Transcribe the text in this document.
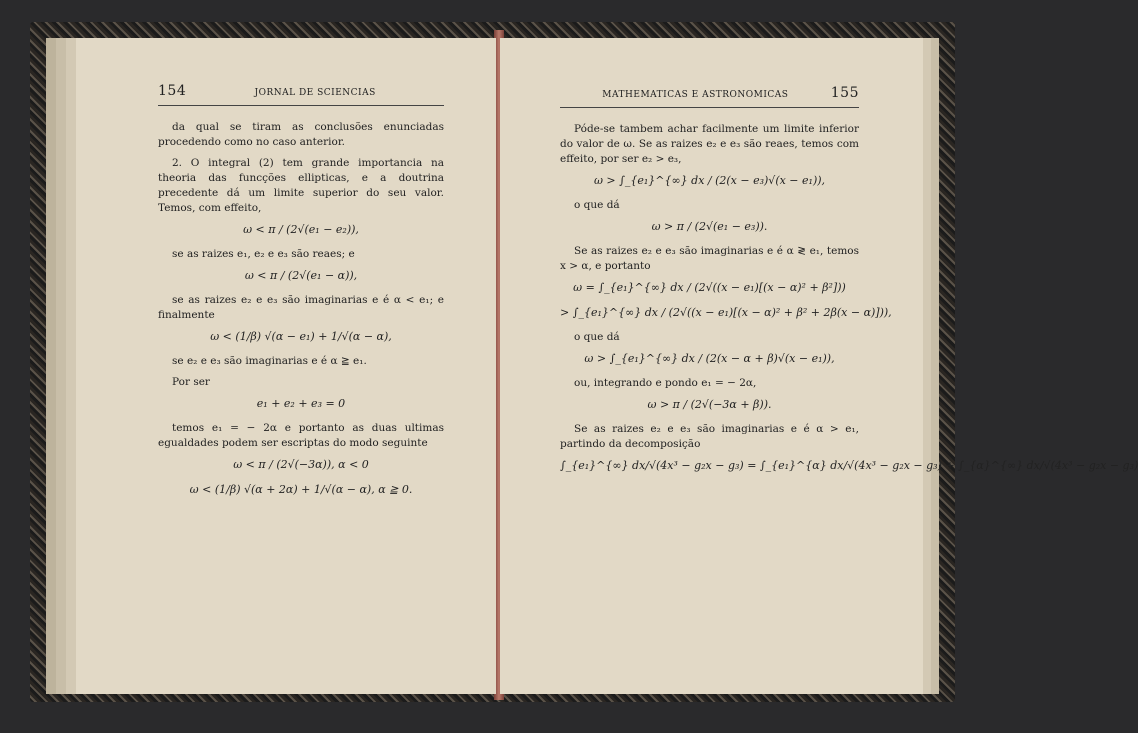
154	JORNAL DE SCIENCIAS

da qual se tiram as conclusões enunciadas procedendo como no caso anterior.

2. O integral (2) tem grande importancia na theoria das funcções ellipticas, e a doutrina precedente dá um limite superior do seu valor. Temos, com effeito,

ω < π / (2√(e₁ − e₂)),

se as raizes e₁, e₂ e e₃ são reaes; e

ω < π / (2√(e₁ − α)),

se as raizes e₂ e e₃ são imaginarias e é α < e₁; e finalmente

ω < (1/β) √(α − e₁) + 1/√(α − α),

se e₂ e e₃ são imaginarias e é α ≧ e₁.

Por ser

e₁ + e₂ + e₃ = 0

temos e₁ = − 2α e portanto as duas ultimas egualdades podem ser escriptas do modo seguinte

ω < π / (2√(−3α)), α < 0
ω < (1/β) √(α + 2α) + 1/√(α − α), α ≧ 0.
MATHEMATICAS E ASTRONOMICAS	155

Póde-se tambem achar facilmente um limite inferior do valor de ω. Se as raizes e₂ e e₃ são reaes, temos com effeito, por ser e₂ > e₃,

ω > ∫_{e₁}^{∞} dx / (2(x − e₃)√(x − e₁)),

o que dá

ω > π / (2√(e₁ − e₃)).

Se as raizes e₂ e e₃ são imaginarias e é α ≷ e₁, temos x > α, e portanto

ω = ∫_{e₁}^{∞} dx / (2√((x − e₁)[(x − α)² + β²]))
> ∫_{e₁}^{∞} dx / (2√((x − e₁)[(x − α)² + β² + 2β(x − α)])),

o que dá

ω > ∫_{e₁}^{∞} dx / (2(x − α + β)√(x − e₁)),

ou, integrando e pondo e₁ = − 2α,

ω > π / (2√(−3α + β)).

Se as raizes e₂ e e₃ são imaginarias e é α > e₁, partindo da decomposição

∫_{e₁}^{∞} dx/√(4x³ − g₂x − g₃) = ∫_{e₁}^{α} dx/√(4x³ − g₂x − g₃) + ∫_{α}^{∞} dx/√(4x³ − g₂x − g₃)
